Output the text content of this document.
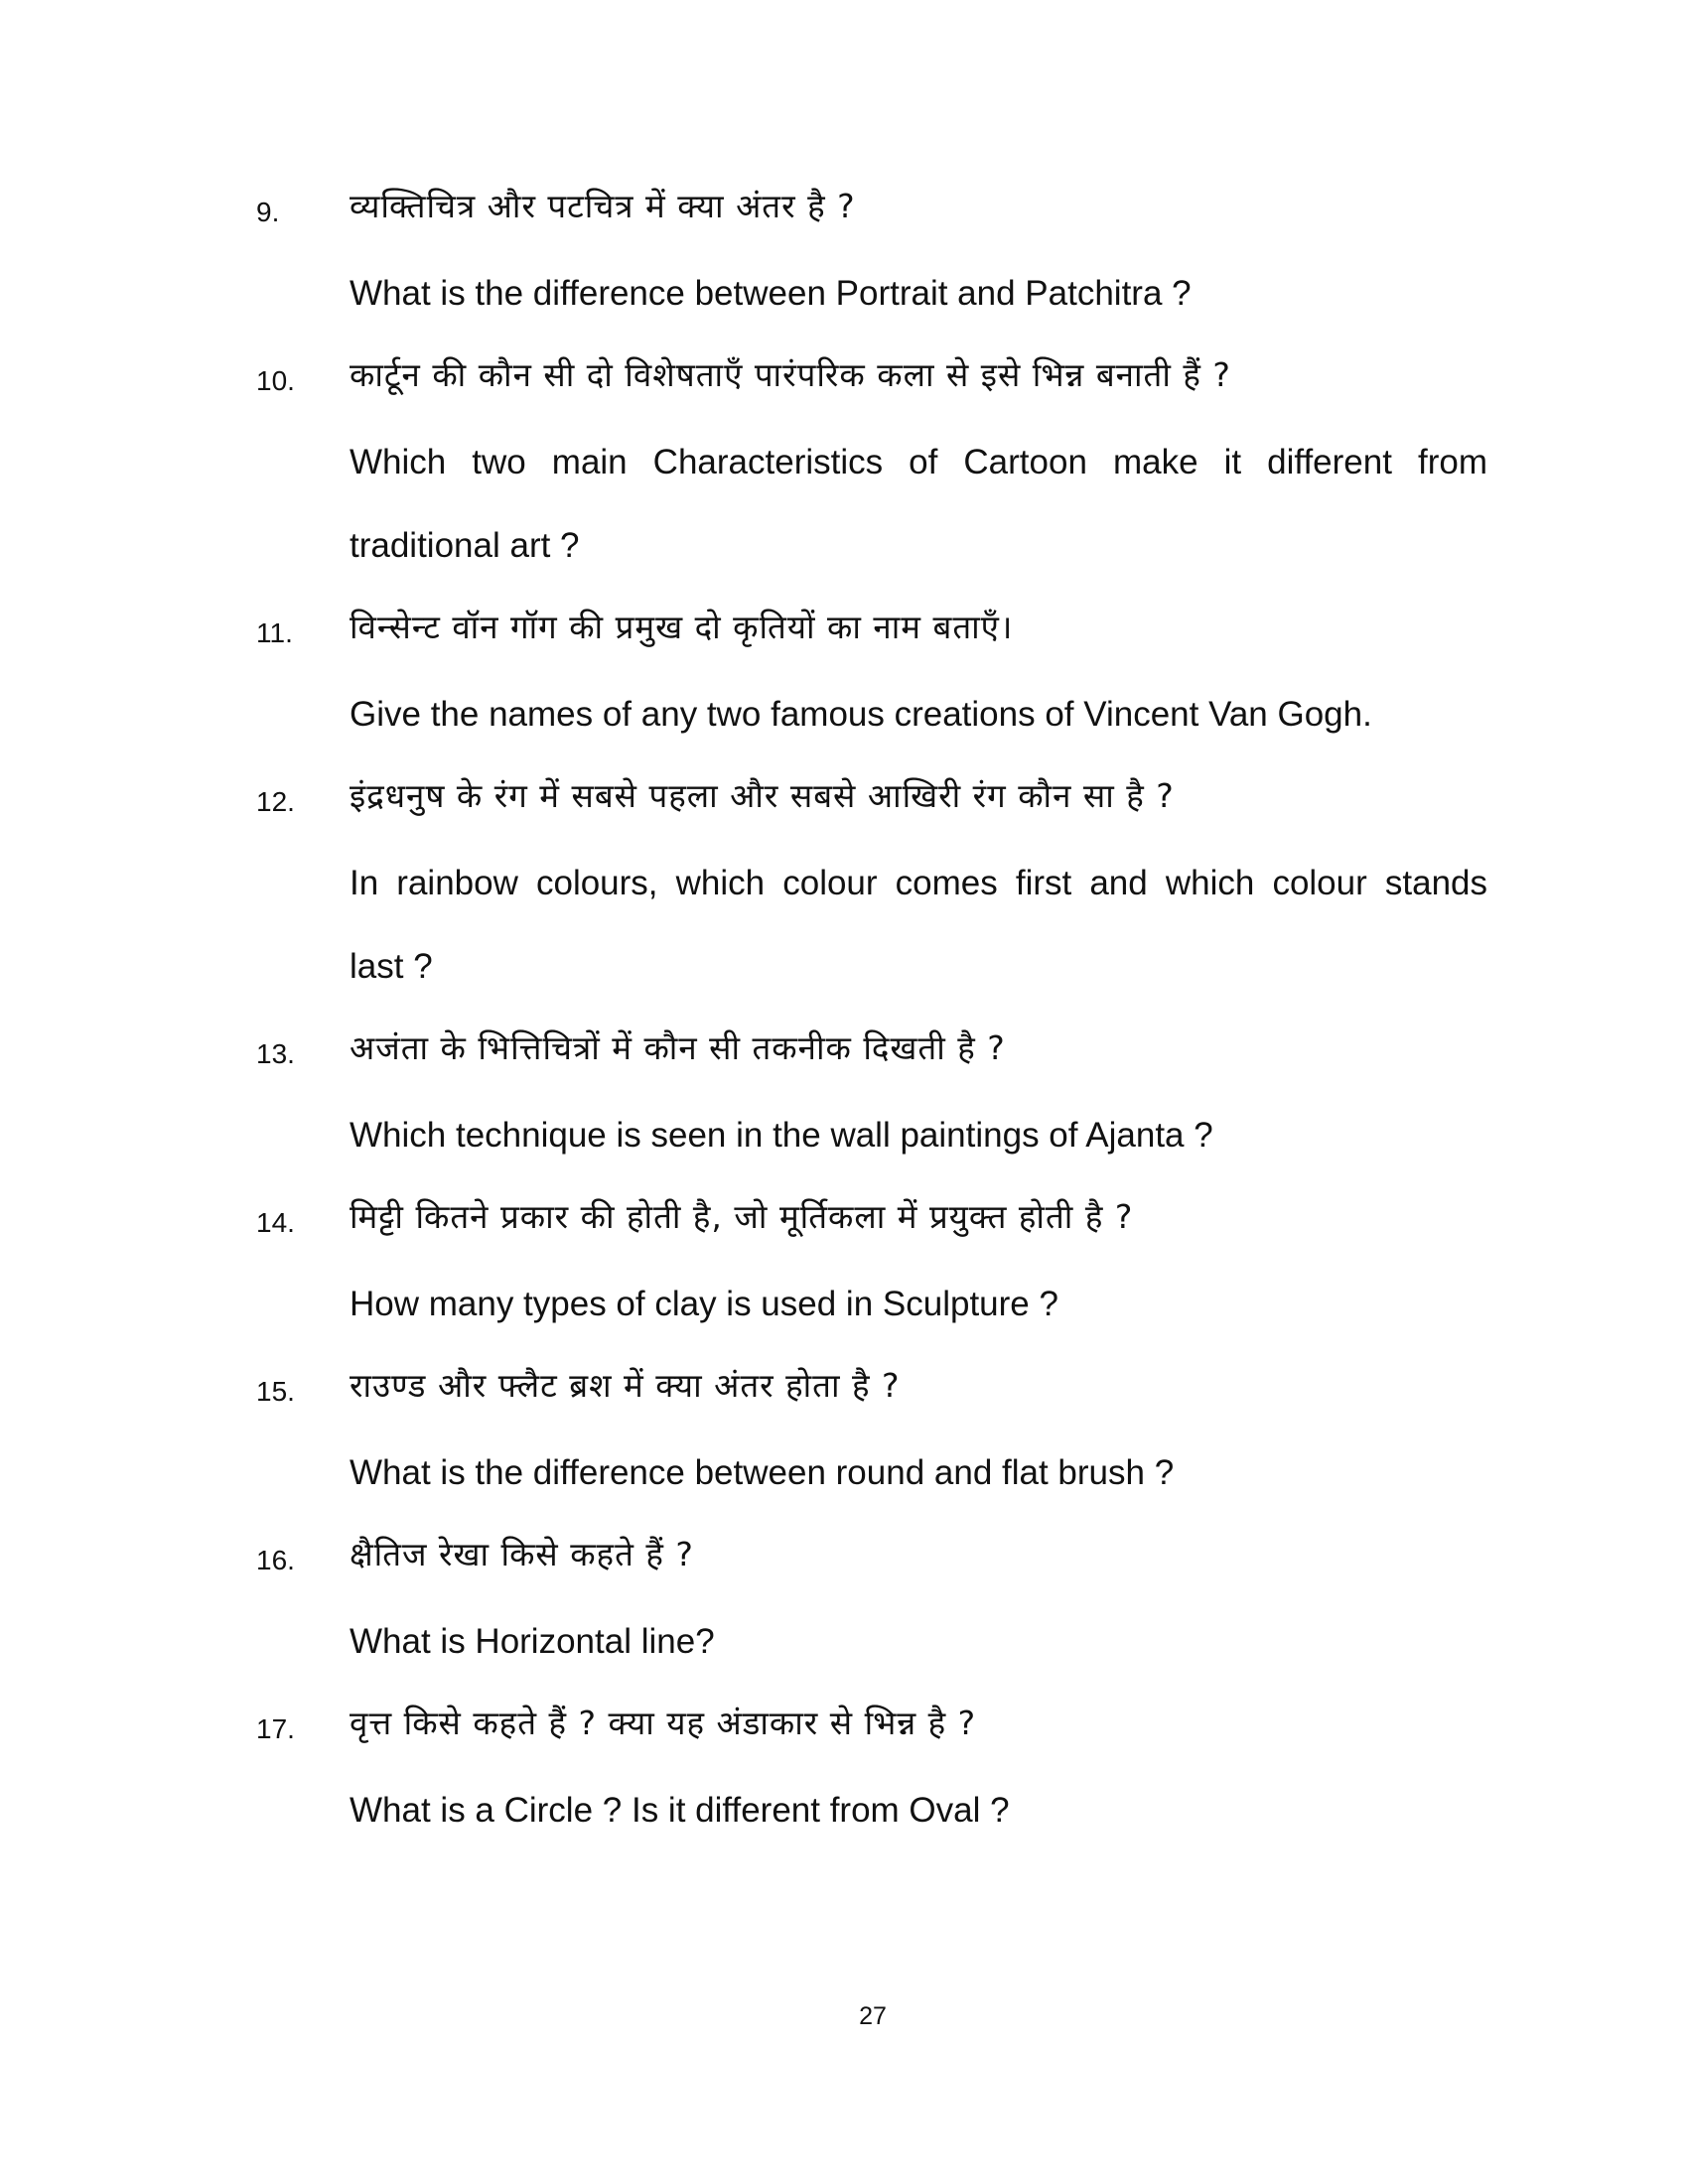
9. व्यक्तिचित्र और पटचित्र में क्या अंतर है ?
What is the difference between Portrait and Patchitra ?
10. कार्टून की कौन सी दो विशेषताएँ पारंपरिक कला से इसे भिन्न बनाती हैं ?
Which two main Characteristics of Cartoon make it different from
traditional art ?
11. विन्सेन्ट वॉन गॉग की प्रमुख दो कृतियों का नाम बताएँ।
Give the names of any two famous creations of Vincent Van Gogh.
12. इंद्रधनुष के रंग में सबसे पहला और सबसे आखिरी रंग कौन सा है ?
In rainbow colours, which colour comes first and which colour stands
last ?
13. अजंता के भित्तिचित्रों में कौन सी तकनीक दिखती है ?
Which technique is seen in the wall paintings of Ajanta ?
14. मिट्टी कितने प्रकार की होती है, जो मूर्तिकला में प्रयुक्त होती है ?
How many types of clay is used in Sculpture ?
15. राउण्ड और फ्लैट ब्रश में क्या अंतर होता है ?
What is the difference between round and flat brush ?
16. क्षैतिज रेखा किसे कहते हैं ?
What is Horizontal line?
17. वृत्त किसे कहते हैं ? क्या यह अंडाकार से भिन्न है ?
What is a Circle ? Is it different from Oval ?
27
